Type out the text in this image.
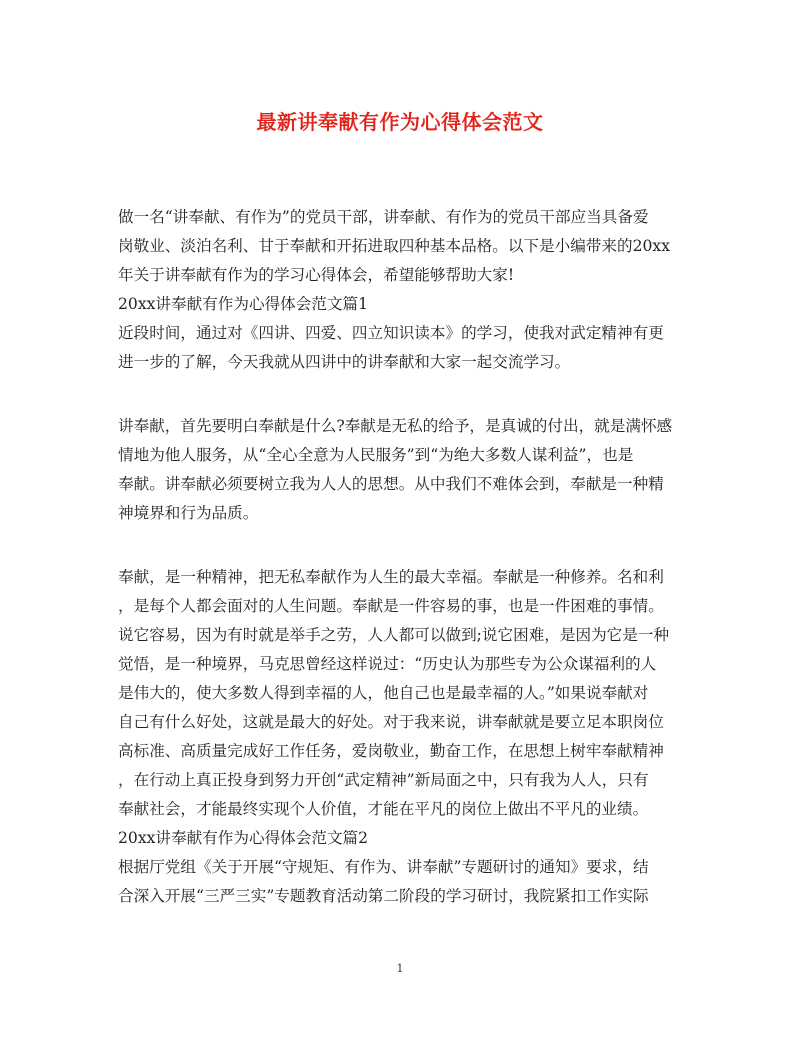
最新讲奉献有作为心得体会范文
做一名“讲奉献、有作为”的党员干部，讲奉献、有作为的党员干部应当具备爱
岗敬业、淡泊名利、甘于奉献和开拓进取四种基本品格。以下是小编带来的20xx
年关于讲奉献有作为的学习心得体会，希望能够帮助大家!
20xx讲奉献有作为心得体会范文篇1
近段时间，通过对《四讲、四爱、四立知识读本》的学习，使我对武定精神有更
进一步的了解，今天我就从四讲中的讲奉献和大家一起交流学习。
讲奉献，首先要明白奉献是什么?奉献是无私的给予，是真诚的付出，就是满怀感
情地为他人服务，从“全心全意为人民服务”到“为绝大多数人谋利益”，也是
奉献。讲奉献必须要树立我为人人的思想。从中我们不难体会到，奉献是一种精
神境界和行为品质。
奉献，是一种精神，把无私奉献作为人生的最大幸福。奉献是一种修养。名和利
，是每个人都会面对的人生问题。奉献是一件容易的事，也是一件困难的事情。
说它容易，因为有时就是举手之劳，人人都可以做到;说它困难，是因为它是一种
觉悟，是一种境界，马克思曾经这样说过：“历史认为那些专为公众谋福利的人
是伟大的，使大多数人得到幸福的人，他自己也是最幸福的人。”如果说奉献对
自己有什么好处，这就是最大的好处。对于我来说，讲奉献就是要立足本职岗位
高标准、高质量完成好工作任务，爱岗敬业，勤奋工作，在思想上树牢奉献精神
，在行动上真正投身到努力开创“武定精神”新局面之中，只有我为人人，只有
奉献社会，才能最终实现个人价值，才能在平凡的岗位上做出不平凡的业绩。
20xx讲奉献有作为心得体会范文篇2
根据厅党组《关于开展“守规矩、有作为、讲奉献”专题研讨的通知》要求，结
合深入开展“三严三实”专题教育活动第二阶段的学习研讨，我院紧扣工作实际
1
